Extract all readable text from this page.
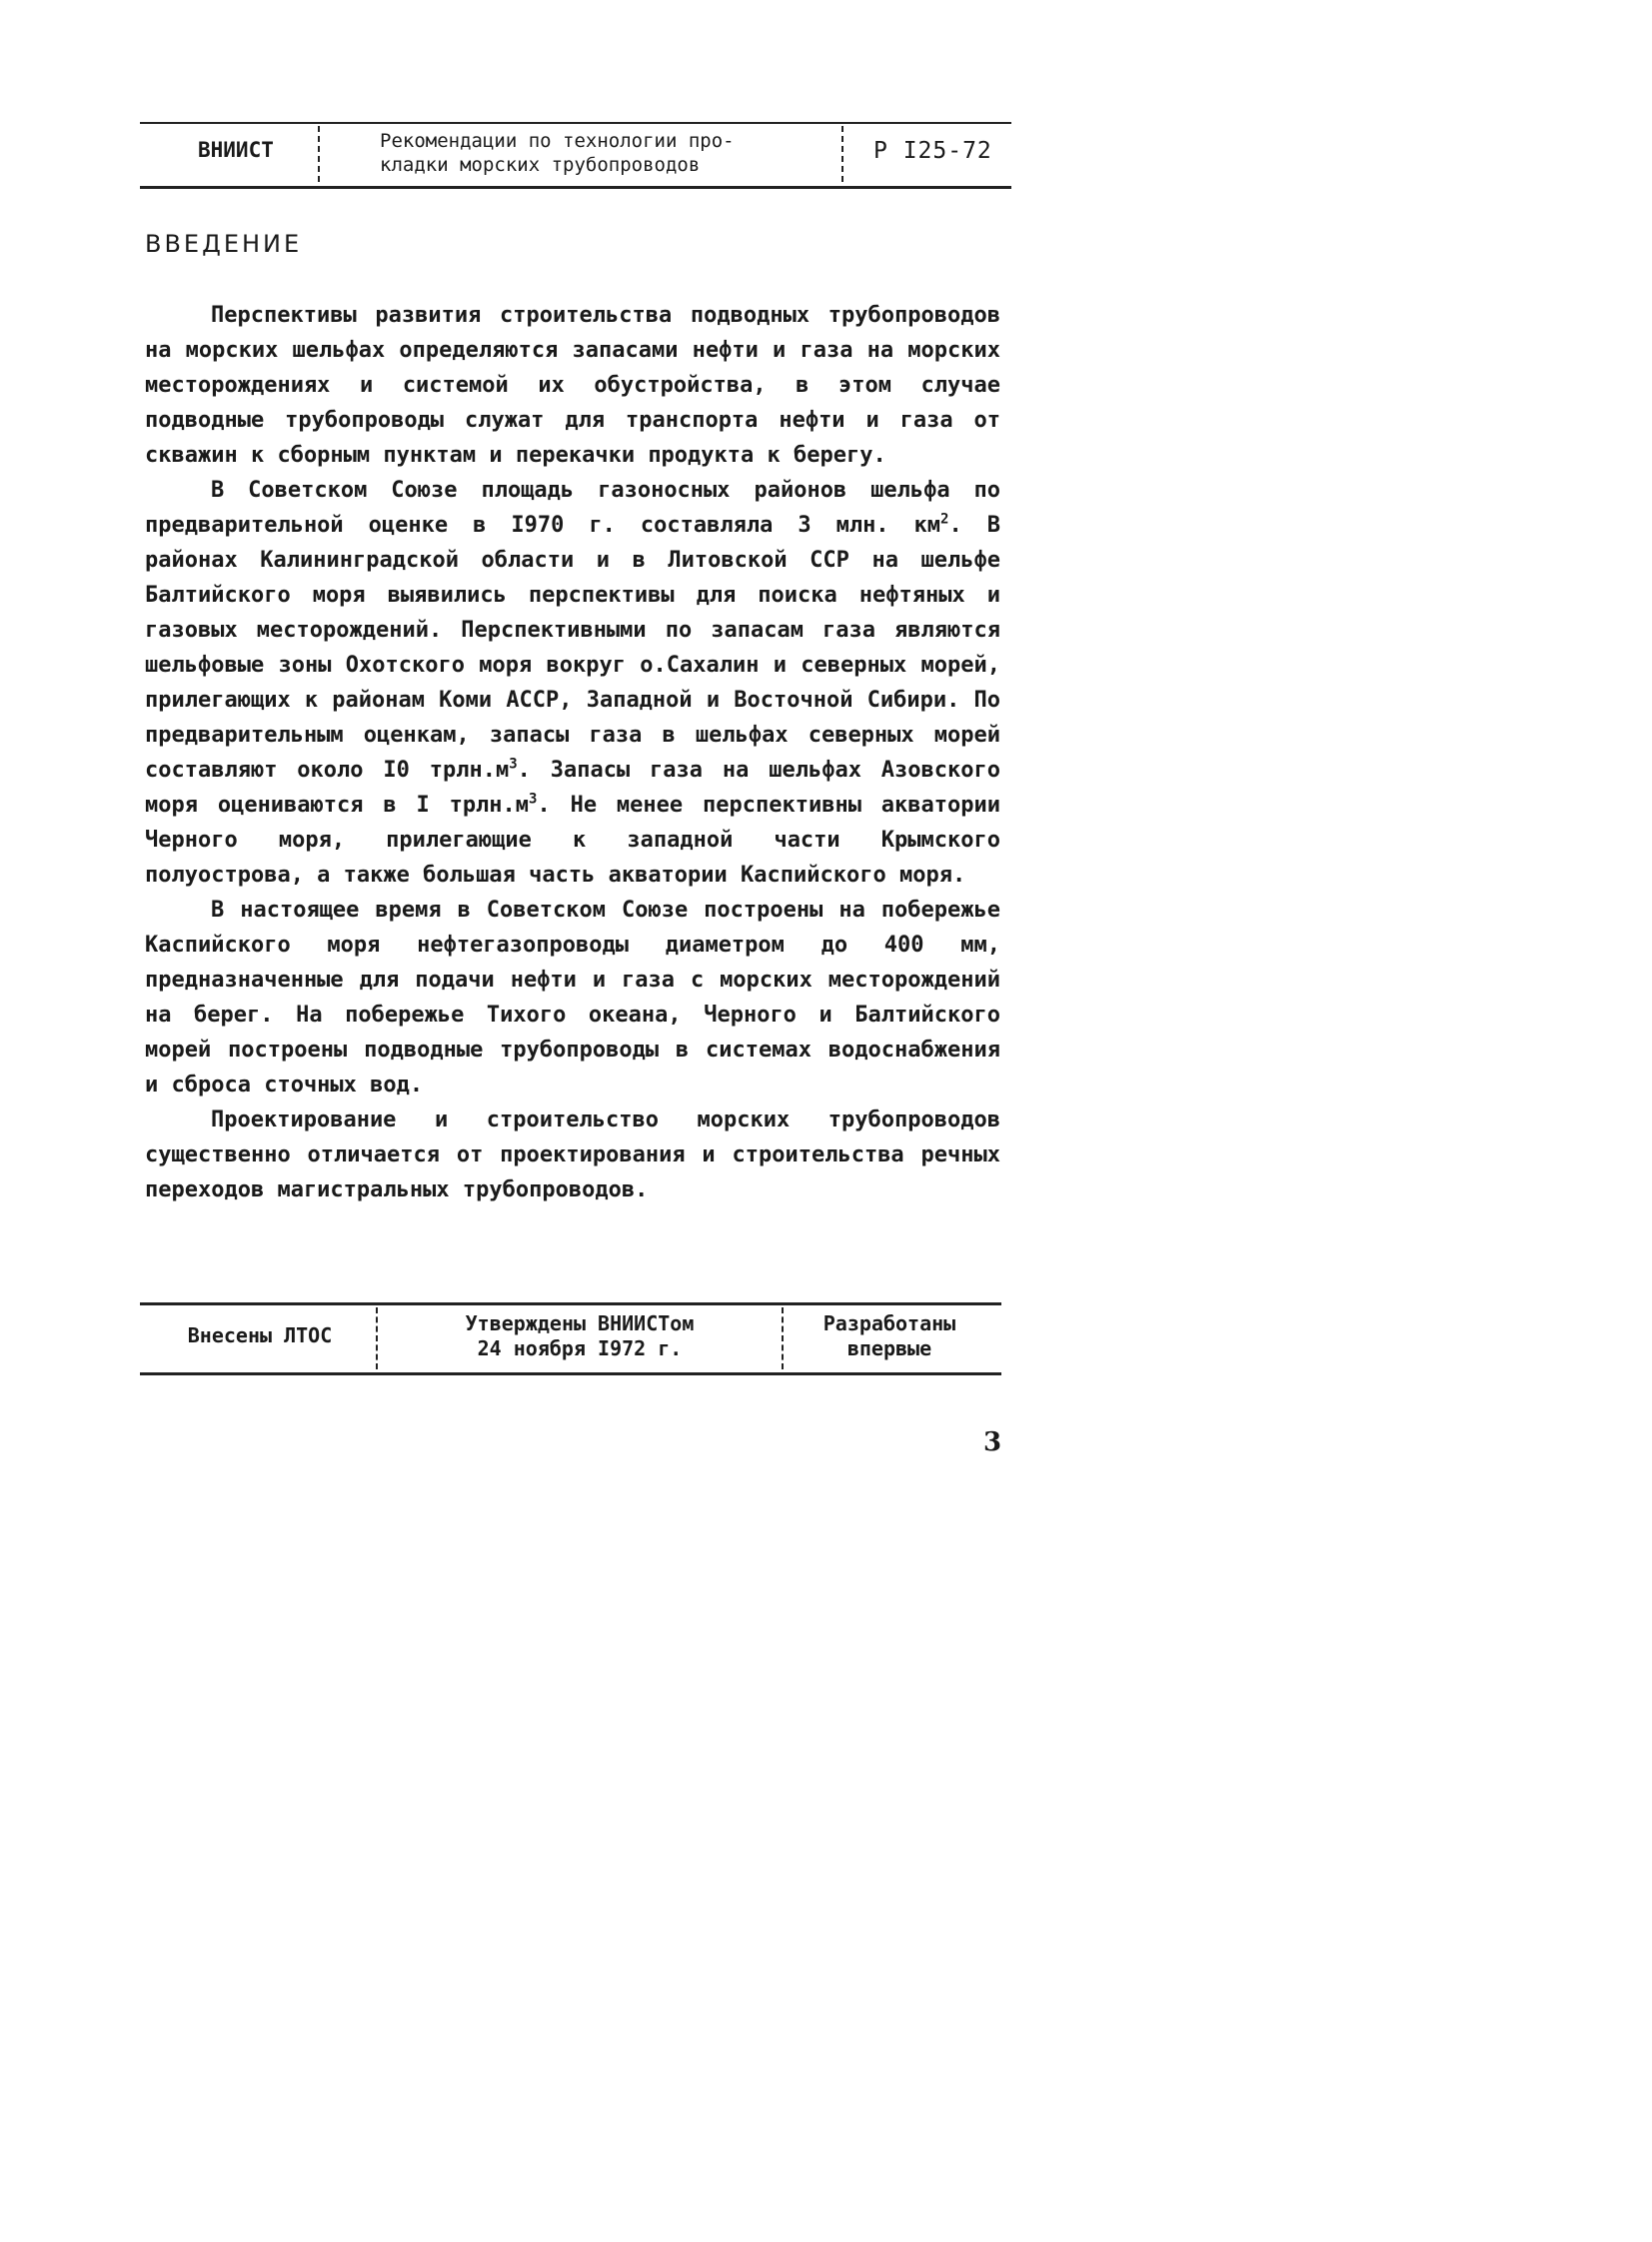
ВНИИСТ	Рекомендации по технологии про-
кладки морских трубопроводов
Р I25-72
ВВЕДЕНИЕ

Перспективы развития строительства подводных трубопроводов на морских шельфах определяются запасами нефти и газа на морских месторождениях и системой их обустройства, в этом случае подводные трубопроводы служат для транспорта нефти и газа от скважин к сборным пунктам и перекачки продукта к берегу.

В Советском Союзе площадь газоносных районов шельфа по предварительной оценке в I970 г. составляла 3 млн. $км^2$. В районах Калининградской области и в Литовской ССР на шельфе Балтийского моря выявились перспективы для поиска нефтяных и газовых месторождений. Перспективными по запасам газа являются шельфовые зоны Охотского моря вокруг о.Сахалин и северных морей, прилегающих к районам Коми АССР, Западной и Восточной Сибири. По предварительным оценкам, запасы газа в шельфах северных морей составляют около I0 $трлн.м^3$. Запасы газа на шельфах Азовского моря оцениваются в I $трлн.м^3$. Не менее перспективны акватории Черного моря, прилегающие к западной части Крымского полуострова, а также большая часть акватории Каспийского моря.

В настоящее время в Советском Союзе построены на побережье Каспийского моря нефтегазопроводы диаметром до 400 мм, предназначенные для подачи нефти и газа с морских месторождений на берег. На побережье Тихого океана, Черного и Балтийского морей построены подводные трубопроводы в системах водоснабжения и сброса сточных вод.

Проектирование и строительство морских трубопроводов существенно отличается от проектирования и строительства речных переходов магистральных трубопроводов.

Внесены ЛТОС	Утверждены ВНИИСТом
24 ноября I972 г.
Разработаны
впервые
3
